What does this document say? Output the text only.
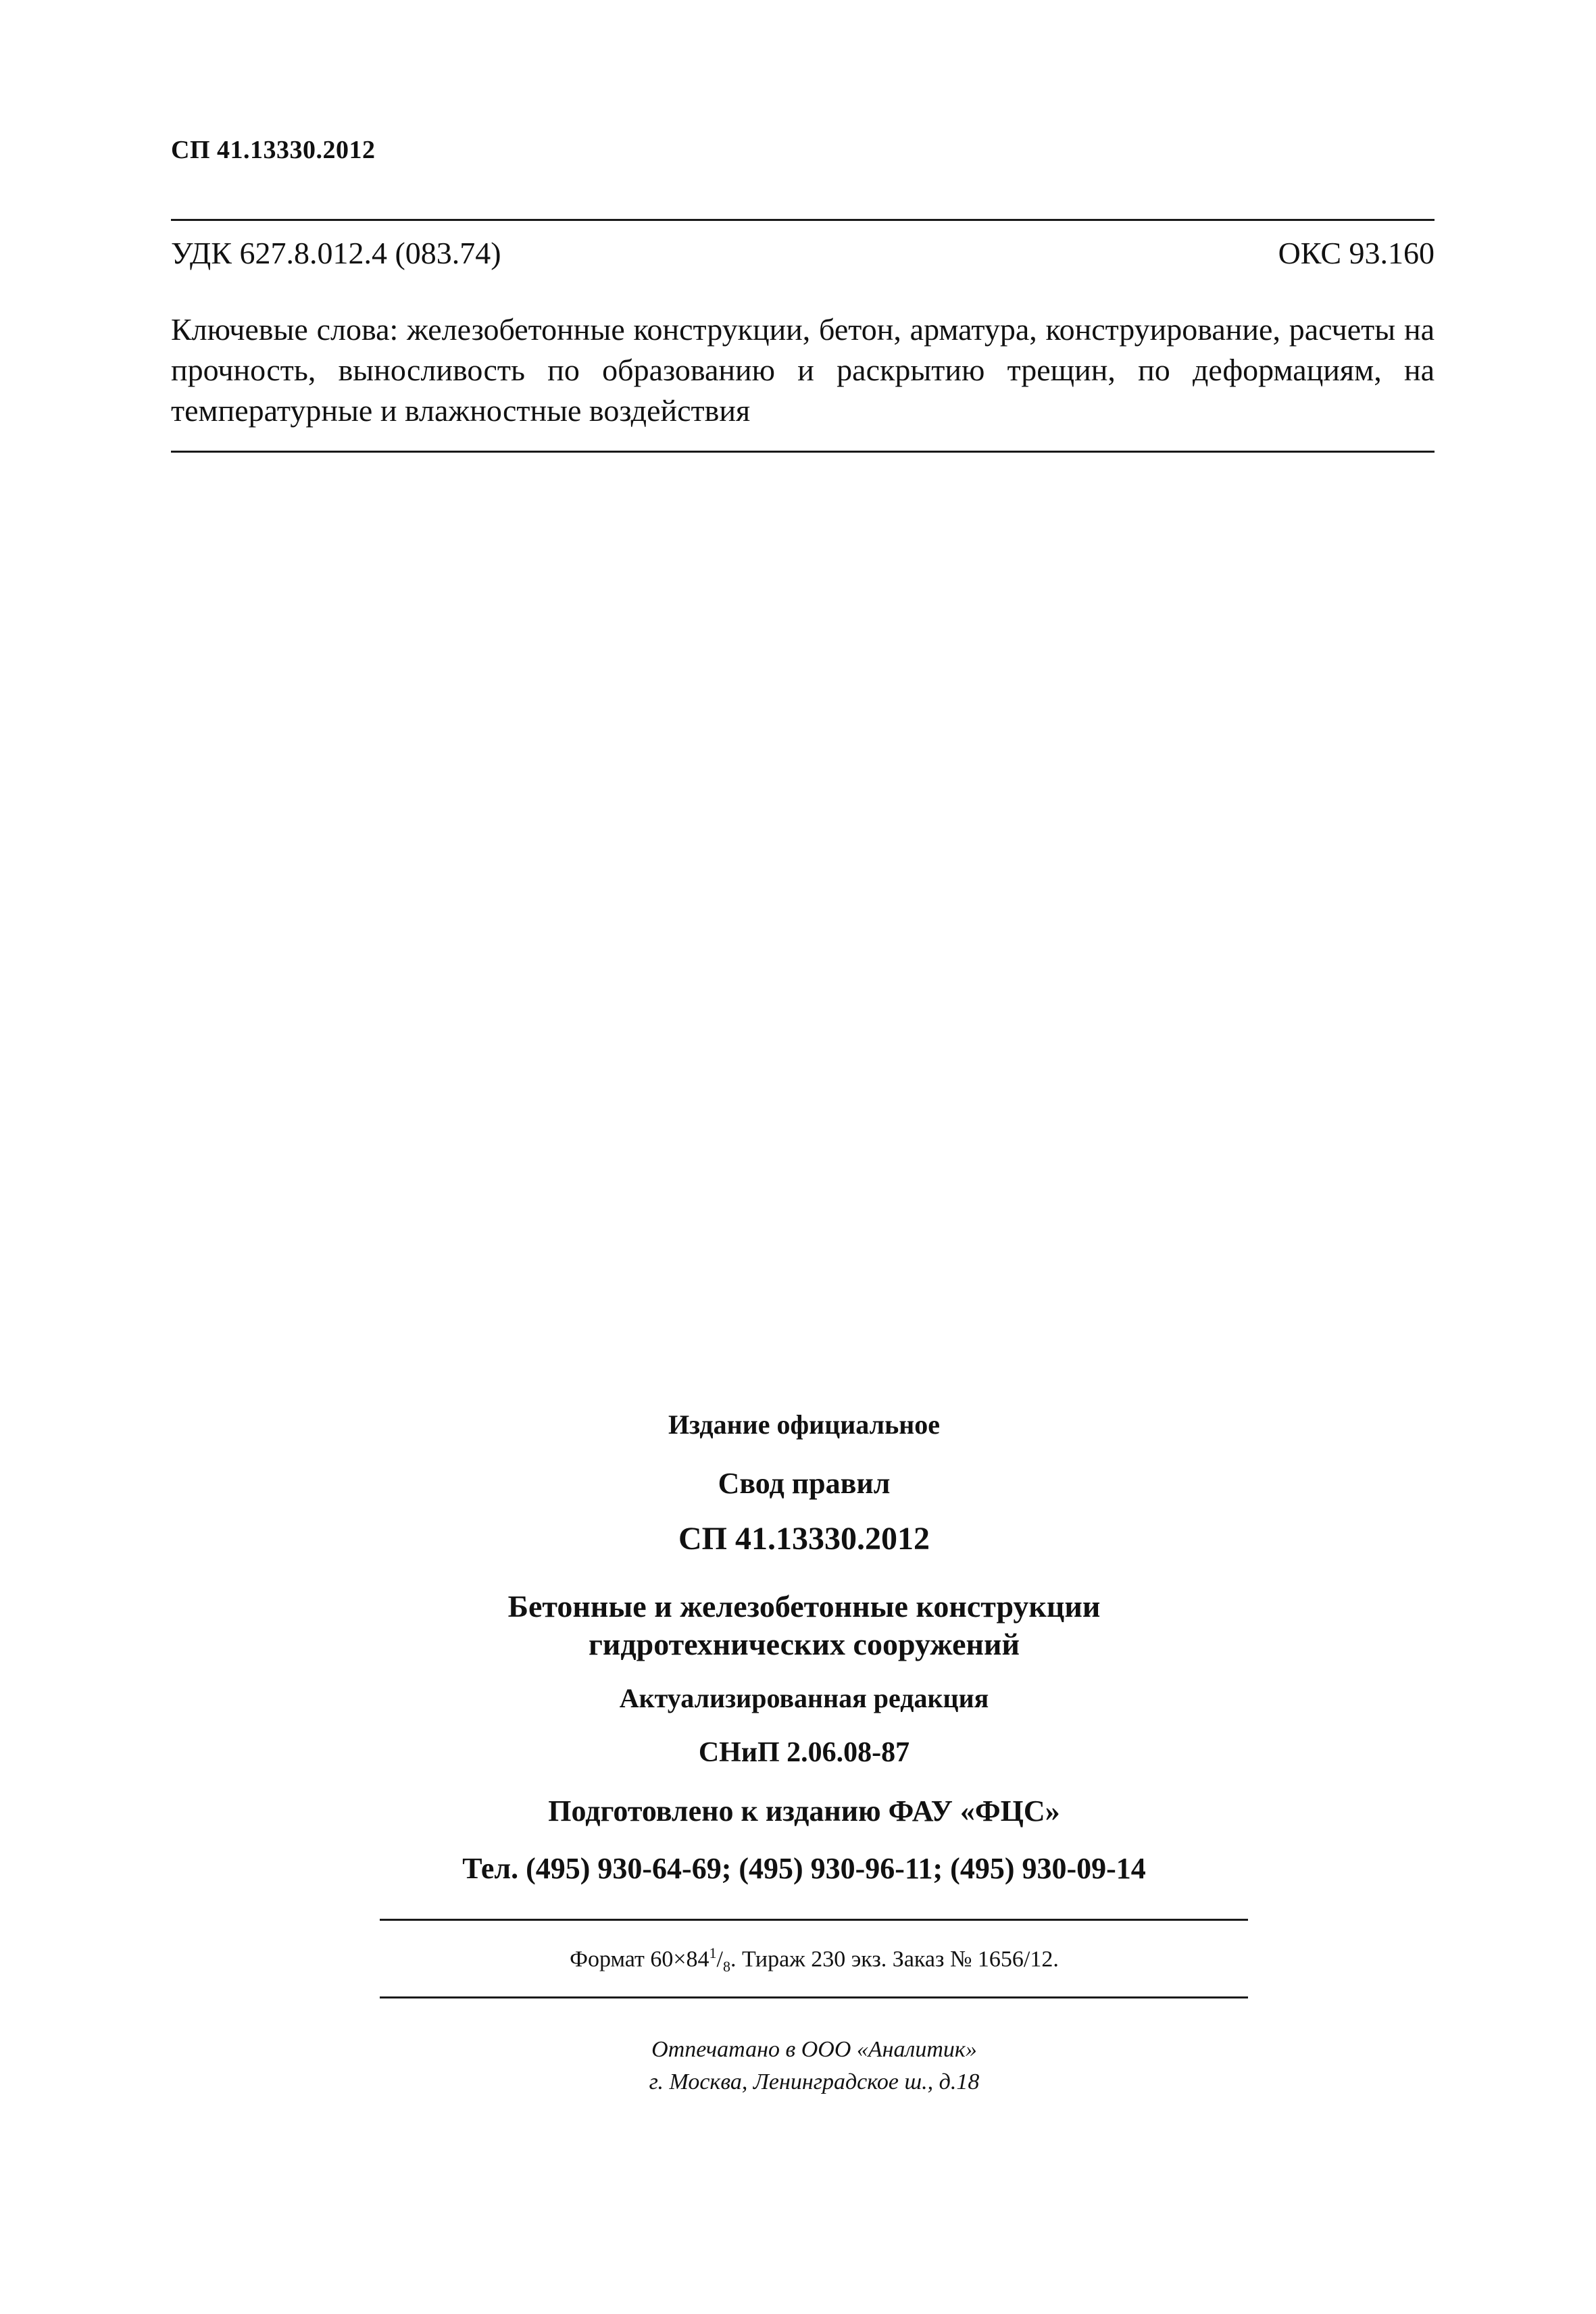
СП 41.13330.2012
УДК 627.8.012.4 (083.74)	ОКС 93.160
Ключевые слова: железобетонные конструкции, бетон, арматура, конструирование, расчеты на прочность, выносливость по образованию и раскрытию трещин, по деформациям, на температурные и влажностные воздействия
Издание официальное
Свод правил
СП 41.13330.2012
Бетонные и железобетонные конструкции
гидротехнических сооружений
Актуализированная редакция
СНиП 2.06.08-87
Подготовлено к изданию ФАУ «ФЦС»
Тел. (495) 930-64-69; (495) 930-96-11; (495) 930-09-14
Формат $60\times 84^1/_8$. Тираж 230 экз. Заказ № 1656/12.
Отпечатано в ООО «Аналитик»
г. Москва, Ленинградское ш., д.18
